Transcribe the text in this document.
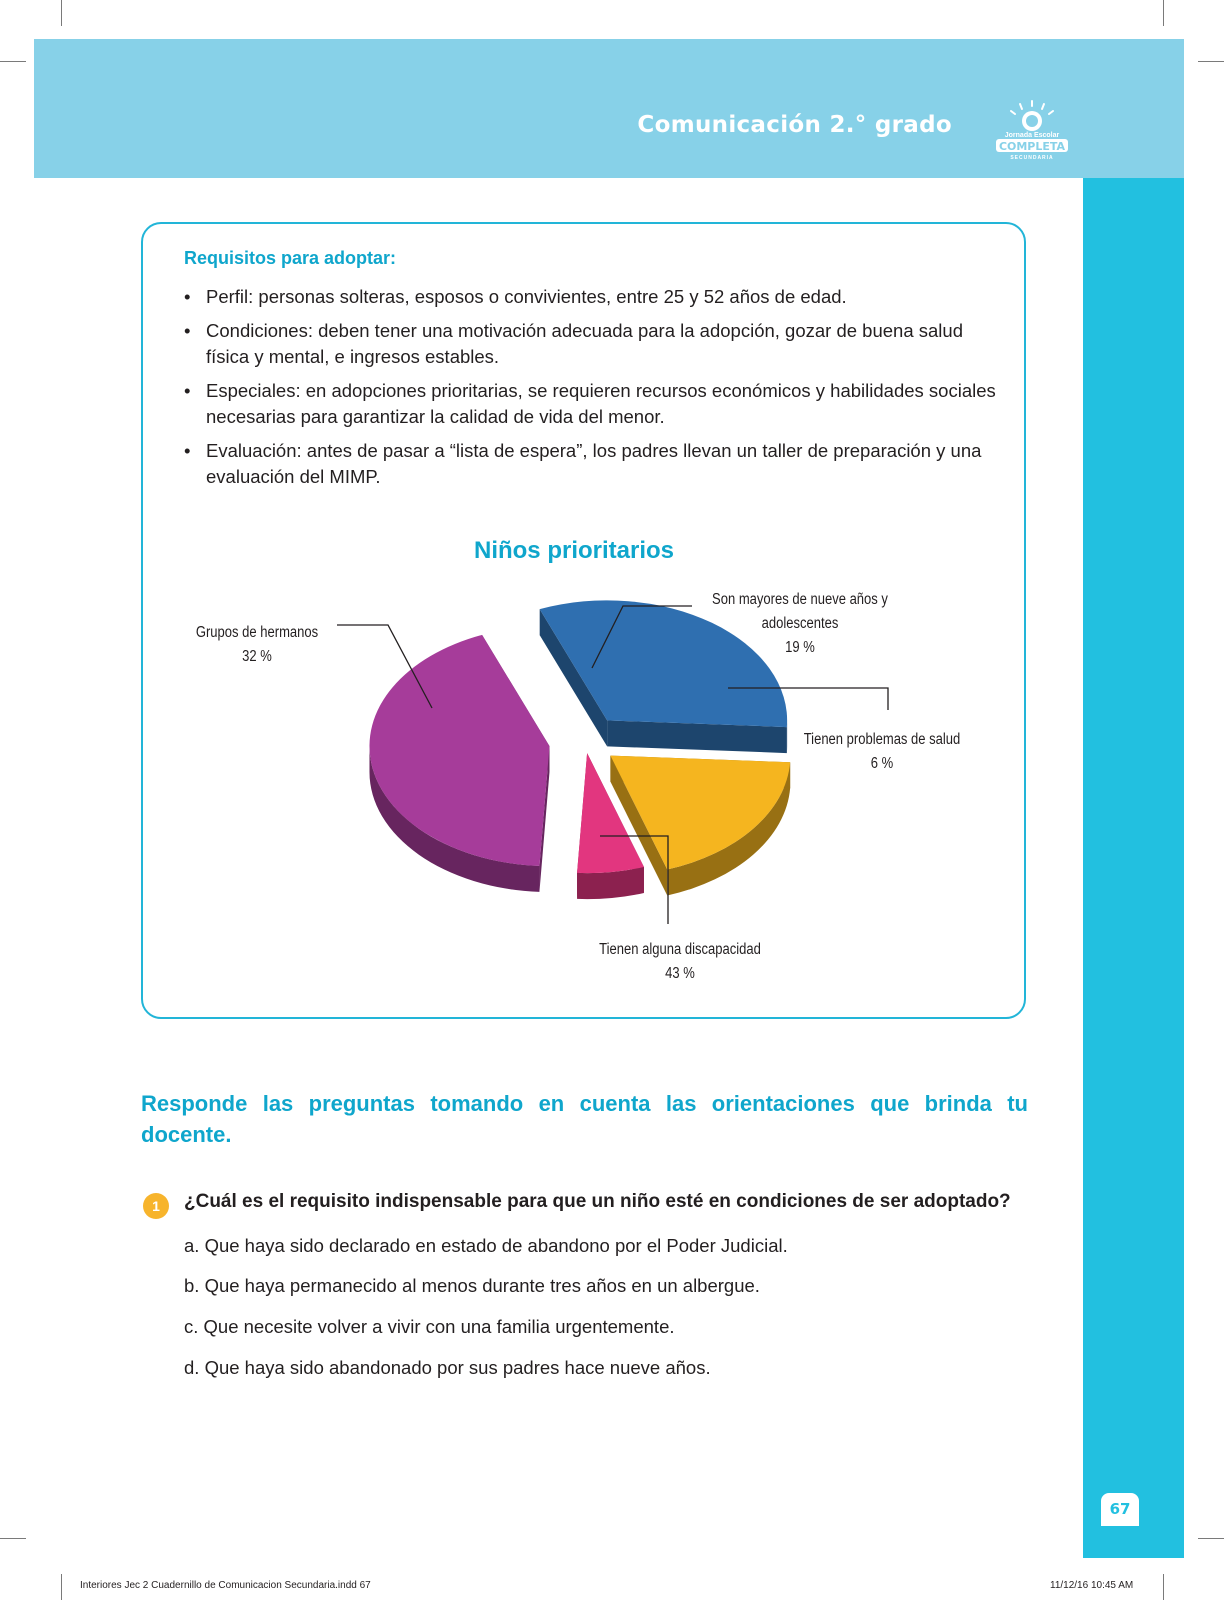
Comunicación 2.° grado	Jornada Escolar
COMPLETA
SECUNDARIA
Requisitos para adoptar:
• Perfil: personas solteras, esposos o convivientes, entre 25 y 52 años de edad.
• Condiciones: deben tener una motivación adecuada para la adopción, gozar de buena salud física y mental, e ingresos estables.
• Especiales: en adopciones prioritarias, se requieren recursos económicos y habilidades sociales necesarias para garantizar la calidad de vida del menor.
• Evaluación: antes de pasar a “lista de espera”, los padres llevan un taller de preparación y una evaluación del MIMP.
Niños prioritarios
Grupos de hermanos
32 %
Son mayores de nueve años y
adolescentes
19 %
Tienen problemas de salud
6 %
Tienen alguna discapacidad
43 %
Responde las preguntas tomando en cuenta las orientaciones que brinda tu docente.
1	¿Cuál es el requisito indispensable para que un niño esté en condiciones de ser adoptado?
a. Que haya sido declarado en estado de abandono por el Poder Judicial.
b. Que haya permanecido al menos durante tres años en un albergue.
c. Que necesite volver a vivir con una familia urgentemente.
d. Que haya sido abandonado por sus padres hace nueve años.
67
Interiores Jec 2 Cuadernillo de Comunicacion Secundaria.indd 67	11/12/16 10:45 AM
